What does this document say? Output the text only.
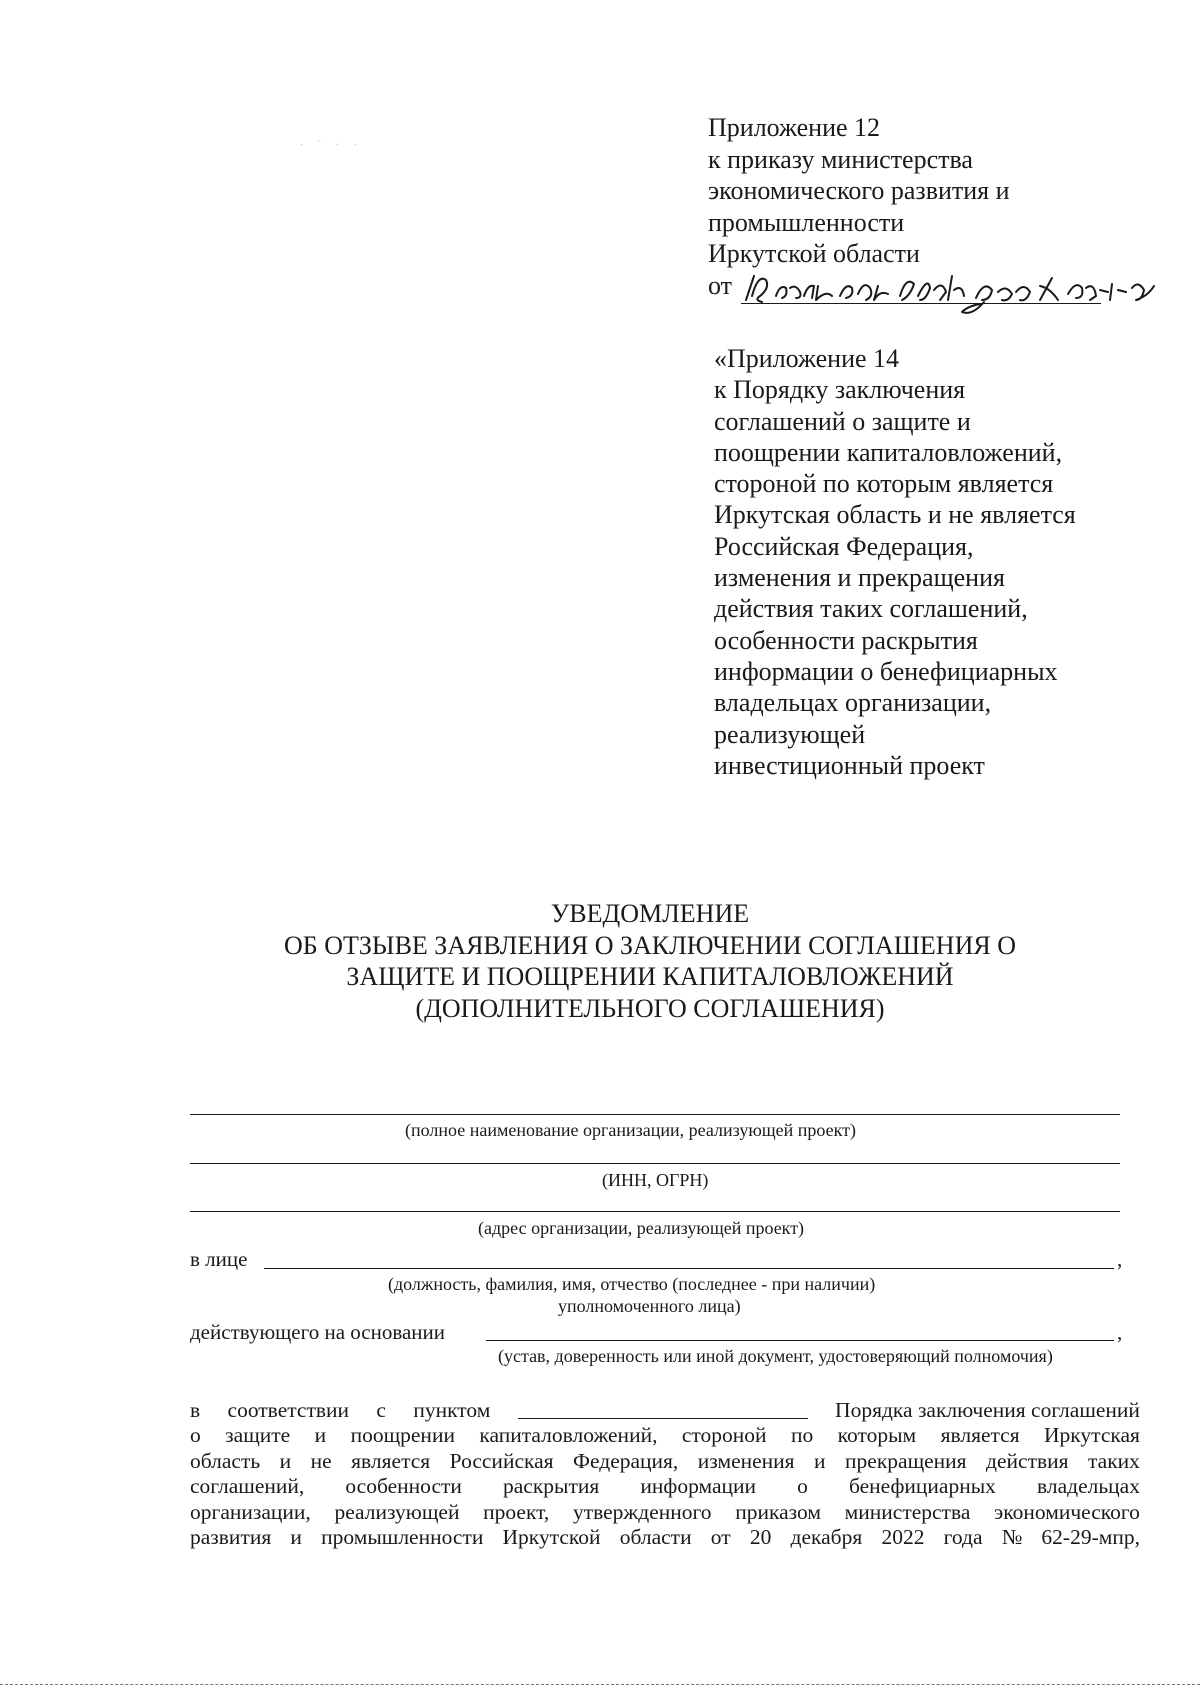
· ` · ·
Приложение 12
к приказу министерства
экономического развития и
промышленности
Иркутской области
от
«Приложение 14
к Порядку заключения
соглашений о защите и
поощрении капиталовложений,
стороной по которым является
Иркутская область и не является
Российская Федерация,
изменения и прекращения
действия таких соглашений,
особенности раскрытия
информации о бенефициарных
владельцах организации,
реализующей
инвестиционный проект
УВЕДОМЛЕНИЕ
ОБ ОТЗЫВЕ ЗАЯВЛЕНИЯ О ЗАКЛЮЧЕНИИ СОГЛАШЕНИЯ О
ЗАЩИТЕ И ПООЩРЕНИИ КАПИТАЛОВЛОЖЕНИЙ
(ДОПОЛНИТЕЛЬНОГО СОГЛАШЕНИЯ)
(полное наименование организации, реализующей проект)
(ИНН, ОГРН)
(адрес организации, реализующей проект)
в лице	,
(должность, фамилия, имя, отчество (последнее - при наличии)
уполномоченного лица)
действующего на основании	,
(устав, доверенность или иной документ, удостоверяющий полномочия)
в соответствии с пунктом	Порядка заключения соглашений
о защите и поощрении капиталовложений, стороной по которым является Иркутская
область и не является Российская Федерация, изменения и прекращения действия таких
соглашений, особенности раскрытия информации о бенефициарных владельцах
организации, реализующей проект, утвержденного приказом министерства экономического
развития и промышленности Иркутской области от 20 декабря 2022 года № 62-29-мпр,
